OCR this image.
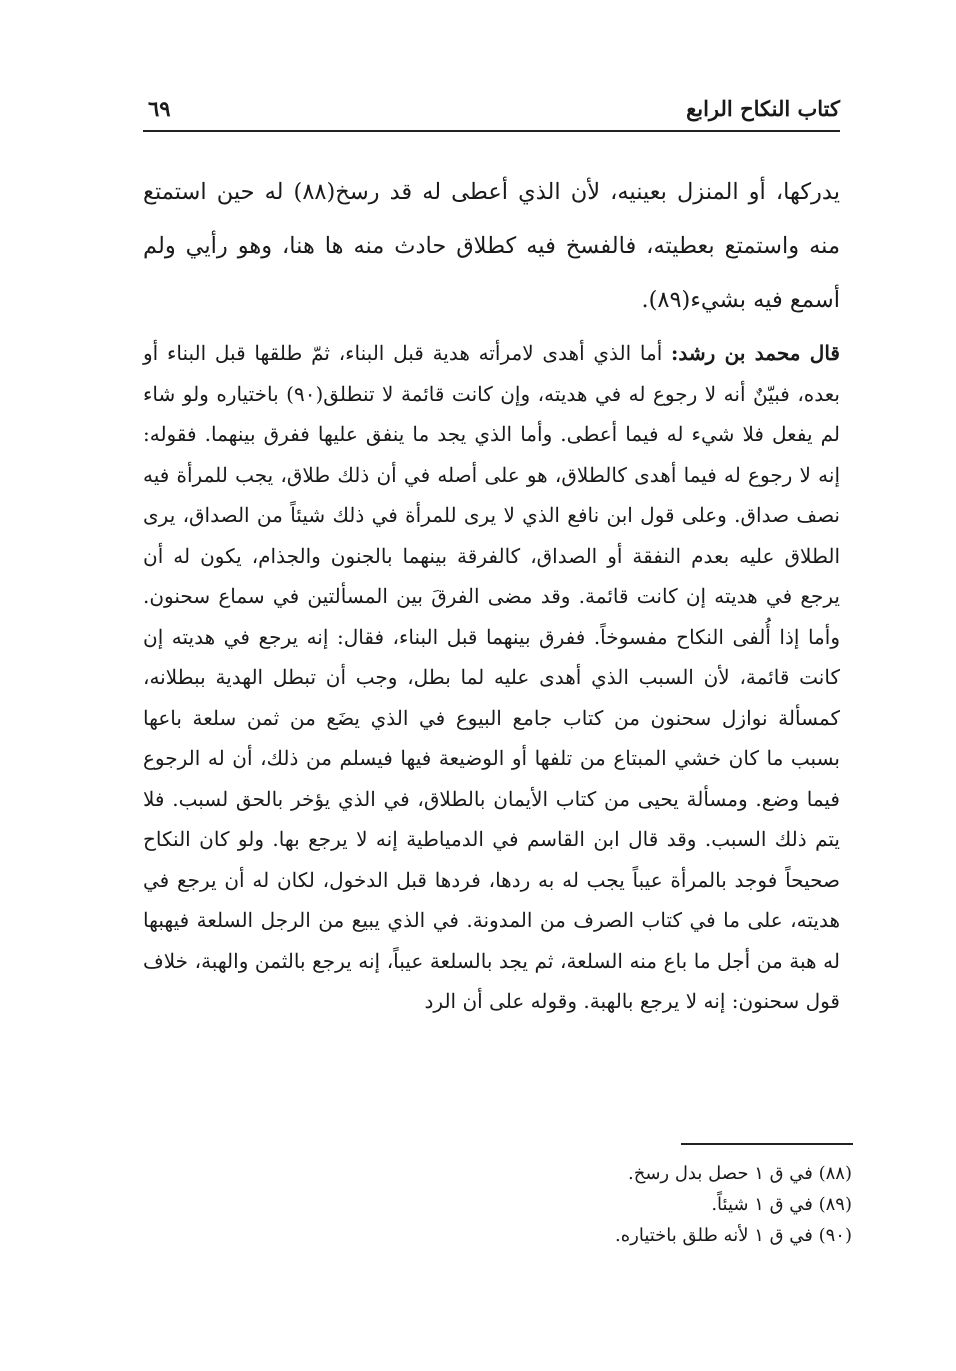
كتاب النكاح الرابع
٦٩

يدركها، أو المنزل بعينيه، لأن الذي أعطى له قد رسخ(٨٨) له حين استمتع منه واستمتع بعطيته، فالفسخ فيه كطلاق حادث منه ها هنا، وهو رأيي ولم أسمع فيه بشيء(٨٩).

قال محمد بن رشد: أما الذي أهدى لامرأته هدية قبل البناء، ثمّ طلقها قبل البناء أو بعده، فبيّنٌ أنه لا رجوع له في هديته، وإن كانت قائمة لا تنطلق(٩٠) باختياره ولو شاء لم يفعل فلا شيء له فيما أعطى. وأما الذي يجد ما ينفق عليها ففرق بينهما. فقوله: إنه لا رجوع له فيما أهدى كالطلاق، هو على أصله في أن ذلك طلاق، يجب للمرأة فيه نصف صداق. وعلى قول ابن نافع الذي لا يرى للمرأة في ذلك شيئاً من الصداق، يرى الطلاق عليه بعدم النفقة أو الصداق، كالفرقة بينهما بالجنون والجذام، يكون له أن يرجع في هديته إن كانت قائمة. وقد مضى الفرقَ بين المسألتين في سماع سحنون. وأما إذا أُلفى النكاح مفسوخاً. ففرق بينهما قبل البناء، فقال: إنه يرجع في هديته إن كانت قائمة، لأن السبب الذي أهدى عليه لما بطل، وجب أن تبطل الهدية ببطلانه، كمسألة نوازل سحنون من كتاب جامع البيوع في الذي يضَع من ثمن سلعة باعها بسبب ما كان خشي المبتاع من تلفها أو الوضيعة فيها فيسلم من ذلك، أن له الرجوع فيما وضع. ومسألة يحيى من كتاب الأيمان بالطلاق، في الذي يؤخر بالحق لسبب. فلا يتم ذلك السبب. وقد قال ابن القاسم في الدمياطية إنه لا يرجع بها. ولو كان النكاح صحيحاً فوجد بالمرأة عيباً يجب له به ردها، فردها قبل الدخول، لكان له أن يرجع في هديته، على ما في كتاب الصرف من المدونة. في الذي يبيع من الرجل السلعة فيهبها له هبة من أجل ما باع منه السلعة، ثم يجد بالسلعة عيباً، إنه يرجع بالثمن والهبة، خلاف قول سحنون: إنه لا يرجع بالهبة. وقوله على أن الرد

(٨٨) في ق ١ حصل بدل رسخ.
(٨٩) في ق ١ شيئاً.
(٩٠) في ق ١ لأنه طلق باختياره.
